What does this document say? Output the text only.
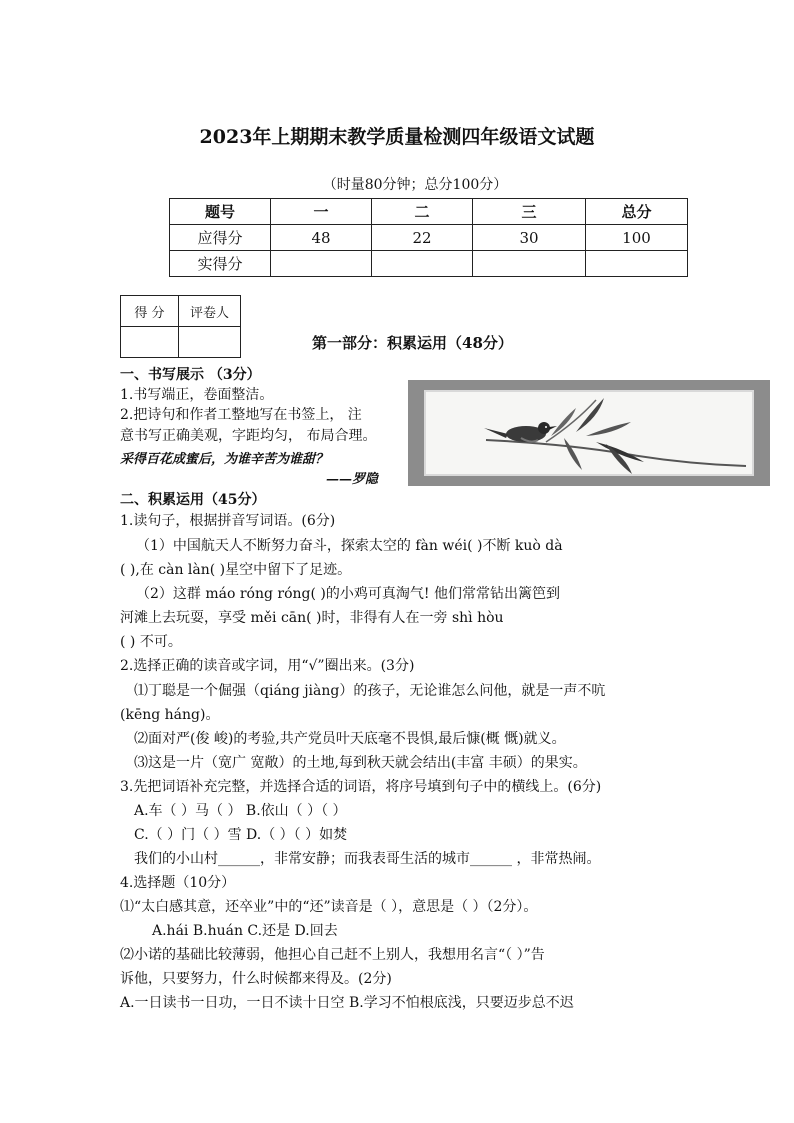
2023年上期期末教学质量检测四年级语文试题
（时量80分钟；总分100分）
题号	一	二	三	总分
应得分	48	22	30	100
实得分				
得 分	评卷人

第一部分：积累运用（48分）
一、书写展示 （3分）
1.书写端正，卷面整洁。
2.把诗句和作者工整地写在书签上， 注
意书写正确美观，字距均匀， 布局合理。
采得百花成蜜后，为谁辛苦为谁甜？
——罗隐
二、积累运用（45分）
1.读句子，根据拼音写词语。(6分)
（1）中国航天人不断努力奋斗，探索太空的 fàn wéi( )不断 kuò dà
( ),在 càn làn( )星空中留下了足迹。
（2）这群 máo róng róng( )的小鸡可真淘气! 他们常常钻出篱笆到
河滩上去玩耍，享受 měi cān( )时，非得有人在一旁 shì hòu
( ) 不可。
2.选择正确的读音或字词，用“√”圈出来。(3分)
⑴丁聪是一个倔强（qiáng jiàng）的孩子，无论谁怎么问他，就是一声不吭
(kēng háng)。
⑵面对严(俊 峻)的考验,共产党员叶天底毫不畏惧,最后慷(概 慨)就义。
⑶这是一片（宽广 宽敞）的土地,每到秋天就会结出(丰富 丰硕）的果实。
3.先把词语补充完整，并选择合适的词语，将序号填到句子中的横线上。(6分)
A.车（ ）马（ ） B.依山（ ）（ ）
C.（ ）门（ ）雪 D.（ ）（ ）如焚
我们的小山村______，非常安静；而我表哥生活的城市______ ，非常热闹。
4.选择题（10分）
⑴“太白感其意，还卒业”中的“还”读音是（ ），意思是（ ）（2分）。
A.hái B.huán C.还是 D.回去
⑵小诺的基础比较薄弱，他担心自己赶不上别人，我想用名言“（ ）”告
诉他，只要努力，什么时候都来得及。(2分)
A.一日读书一日功，一日不读十日空 B.学习不怕根底浅，只要迈步总不迟
